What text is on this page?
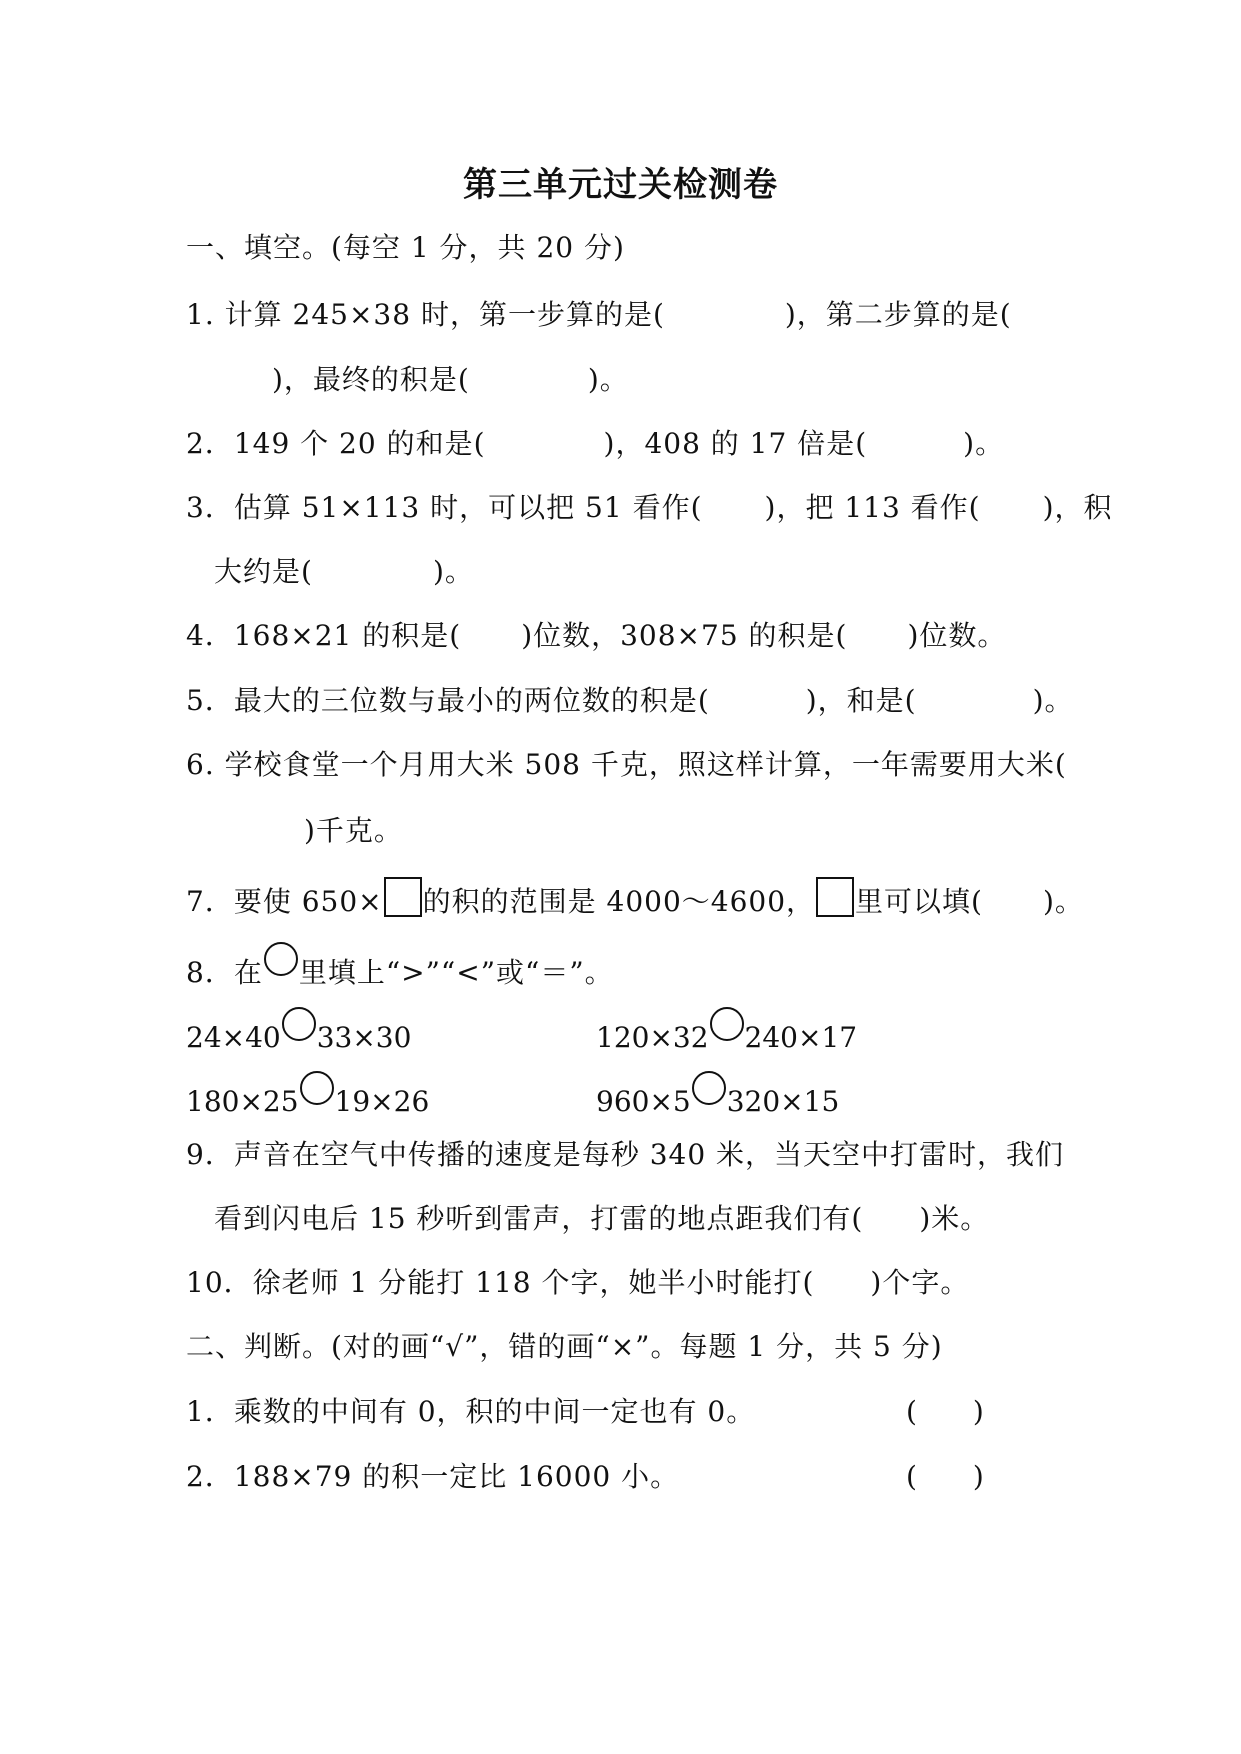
第三单元过关检测卷
一、填空。(每空 1 分，共 20 分)
1. 计算 245×38 时，第一步算的是(	)，第二步算的是(
)，最终的积是(	)。
2．149 个 20 的和是(	)，408 的 17 倍是(	)。
3．估算 51×113 时，可以把 51 看作( )，把 113 看作( )，积
大约是(	)。
4．168×21 的积是( )位数，308×75 的积是( )位数。
5．最大的三位数与最小的两位数的积是(	)，和是(	)。
6. 学校食堂一个月用大米 508 千克，照这样计算，一年需要用大米(
)千克。
7．要使 650× 的积的范围是 4000～4600， 里可以填( )。
8．在 里填上“>”“<”或“＝”。
24×40 33×30	120×32 240×17
180×25 19×26	960×5 320×15
9．声音在空气中传播的速度是每秒 340 米，当天空中打雷时，我们
看到闪电后 15 秒听到雷声，打雷的地点距我们有( )米。
10．徐老师 1 分能打 118 个字，她半小时能打( )个字。
二、判断。(对的画“√”，错的画“×”。每题 1 分，共 5 分)
1．乘数的中间有 0，积的中间一定也有 0。	(  )
2．188×79 的积一定比 16000 小。	(  )
